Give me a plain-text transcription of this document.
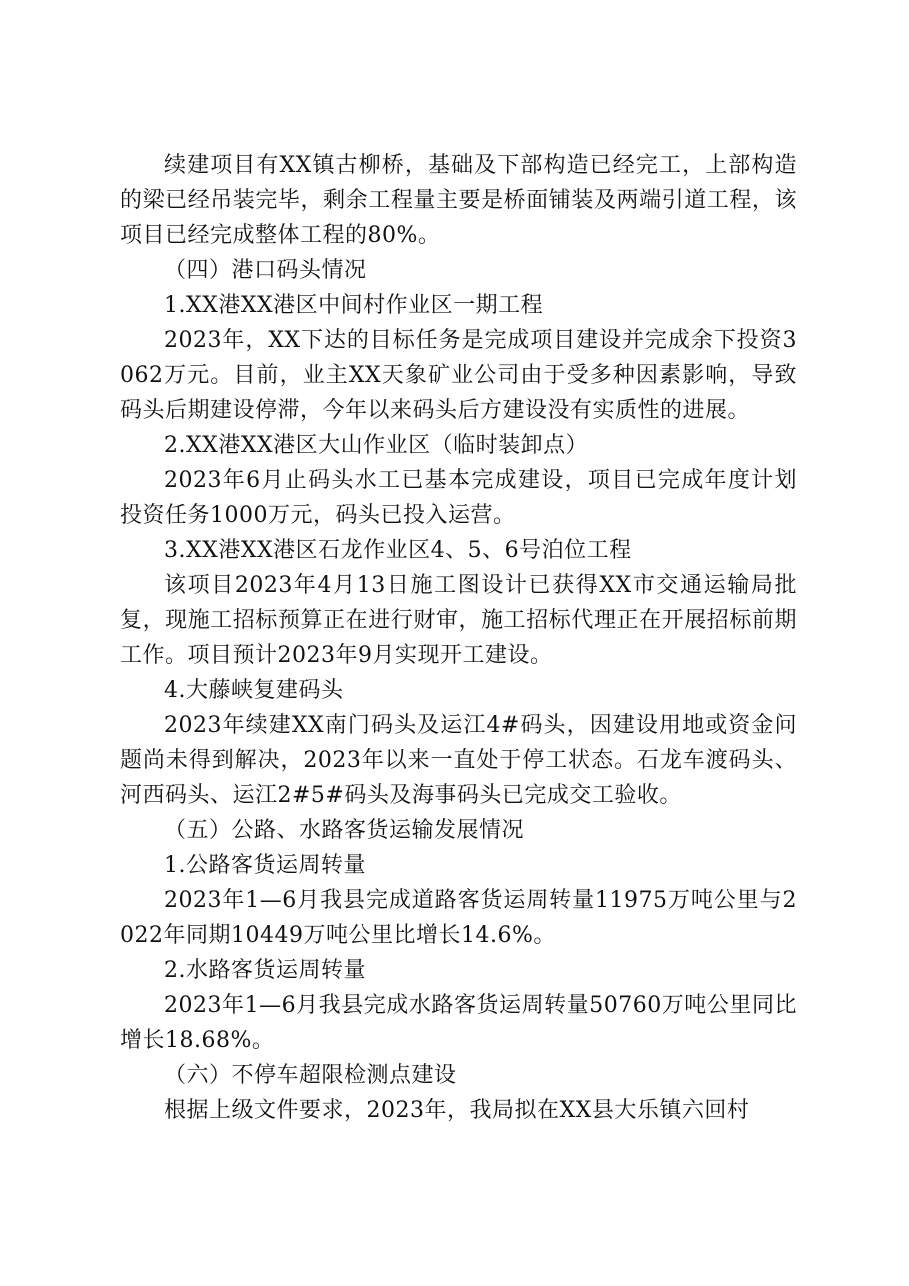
续建项目有XX镇古柳桥，基础及下部构造已经完工，上部构造的梁已经吊装完毕，剩余工程量主要是桥面铺装及两端引道工程，该项目已经完成整体工程的80%。

（四）港口码头情况

1.XX港XX港区中间村作业区一期工程

2023年，XX下达的目标任务是完成项目建设并完成余下投资3062万元。目前，业主XX天象矿业公司由于受多种因素影响，导致码头后期建设停滞，今年以来码头后方建设没有实质性的进展。

2.XX港XX港区大山作业区（临时装卸点）

2023年6月止码头水工已基本完成建设，项目已完成年度计划投资任务1000万元，码头已投入运营。

3.XX港XX港区石龙作业区4、5、6号泊位工程

该项目2023年4月13日施工图设计已获得XX市交通运输局批复，现施工招标预算正在进行财审，施工招标代理正在开展招标前期工作。项目预计2023年9月实现开工建设。

4.大藤峡复建码头

2023年续建XX南门码头及运江4#码头，因建设用地或资金问题尚未得到解决，2023年以来一直处于停工状态。石龙车渡码头、河西码头、运江2#5#码头及海事码头已完成交工验收。

（五）公路、水路客货运输发展情况

1.公路客货运周转量

2023年1—6月我县完成道路客货运周转量11975万吨公里与2022年同期10449万吨公里比增长14.6%。

2.水路客货运周转量

2023年1—6月我县完成水路客货运周转量50760万吨公里同比增长18.68%。

（六）不停车超限检测点建设

根据上级文件要求，2023年，我局拟在XX县大乐镇六回村
